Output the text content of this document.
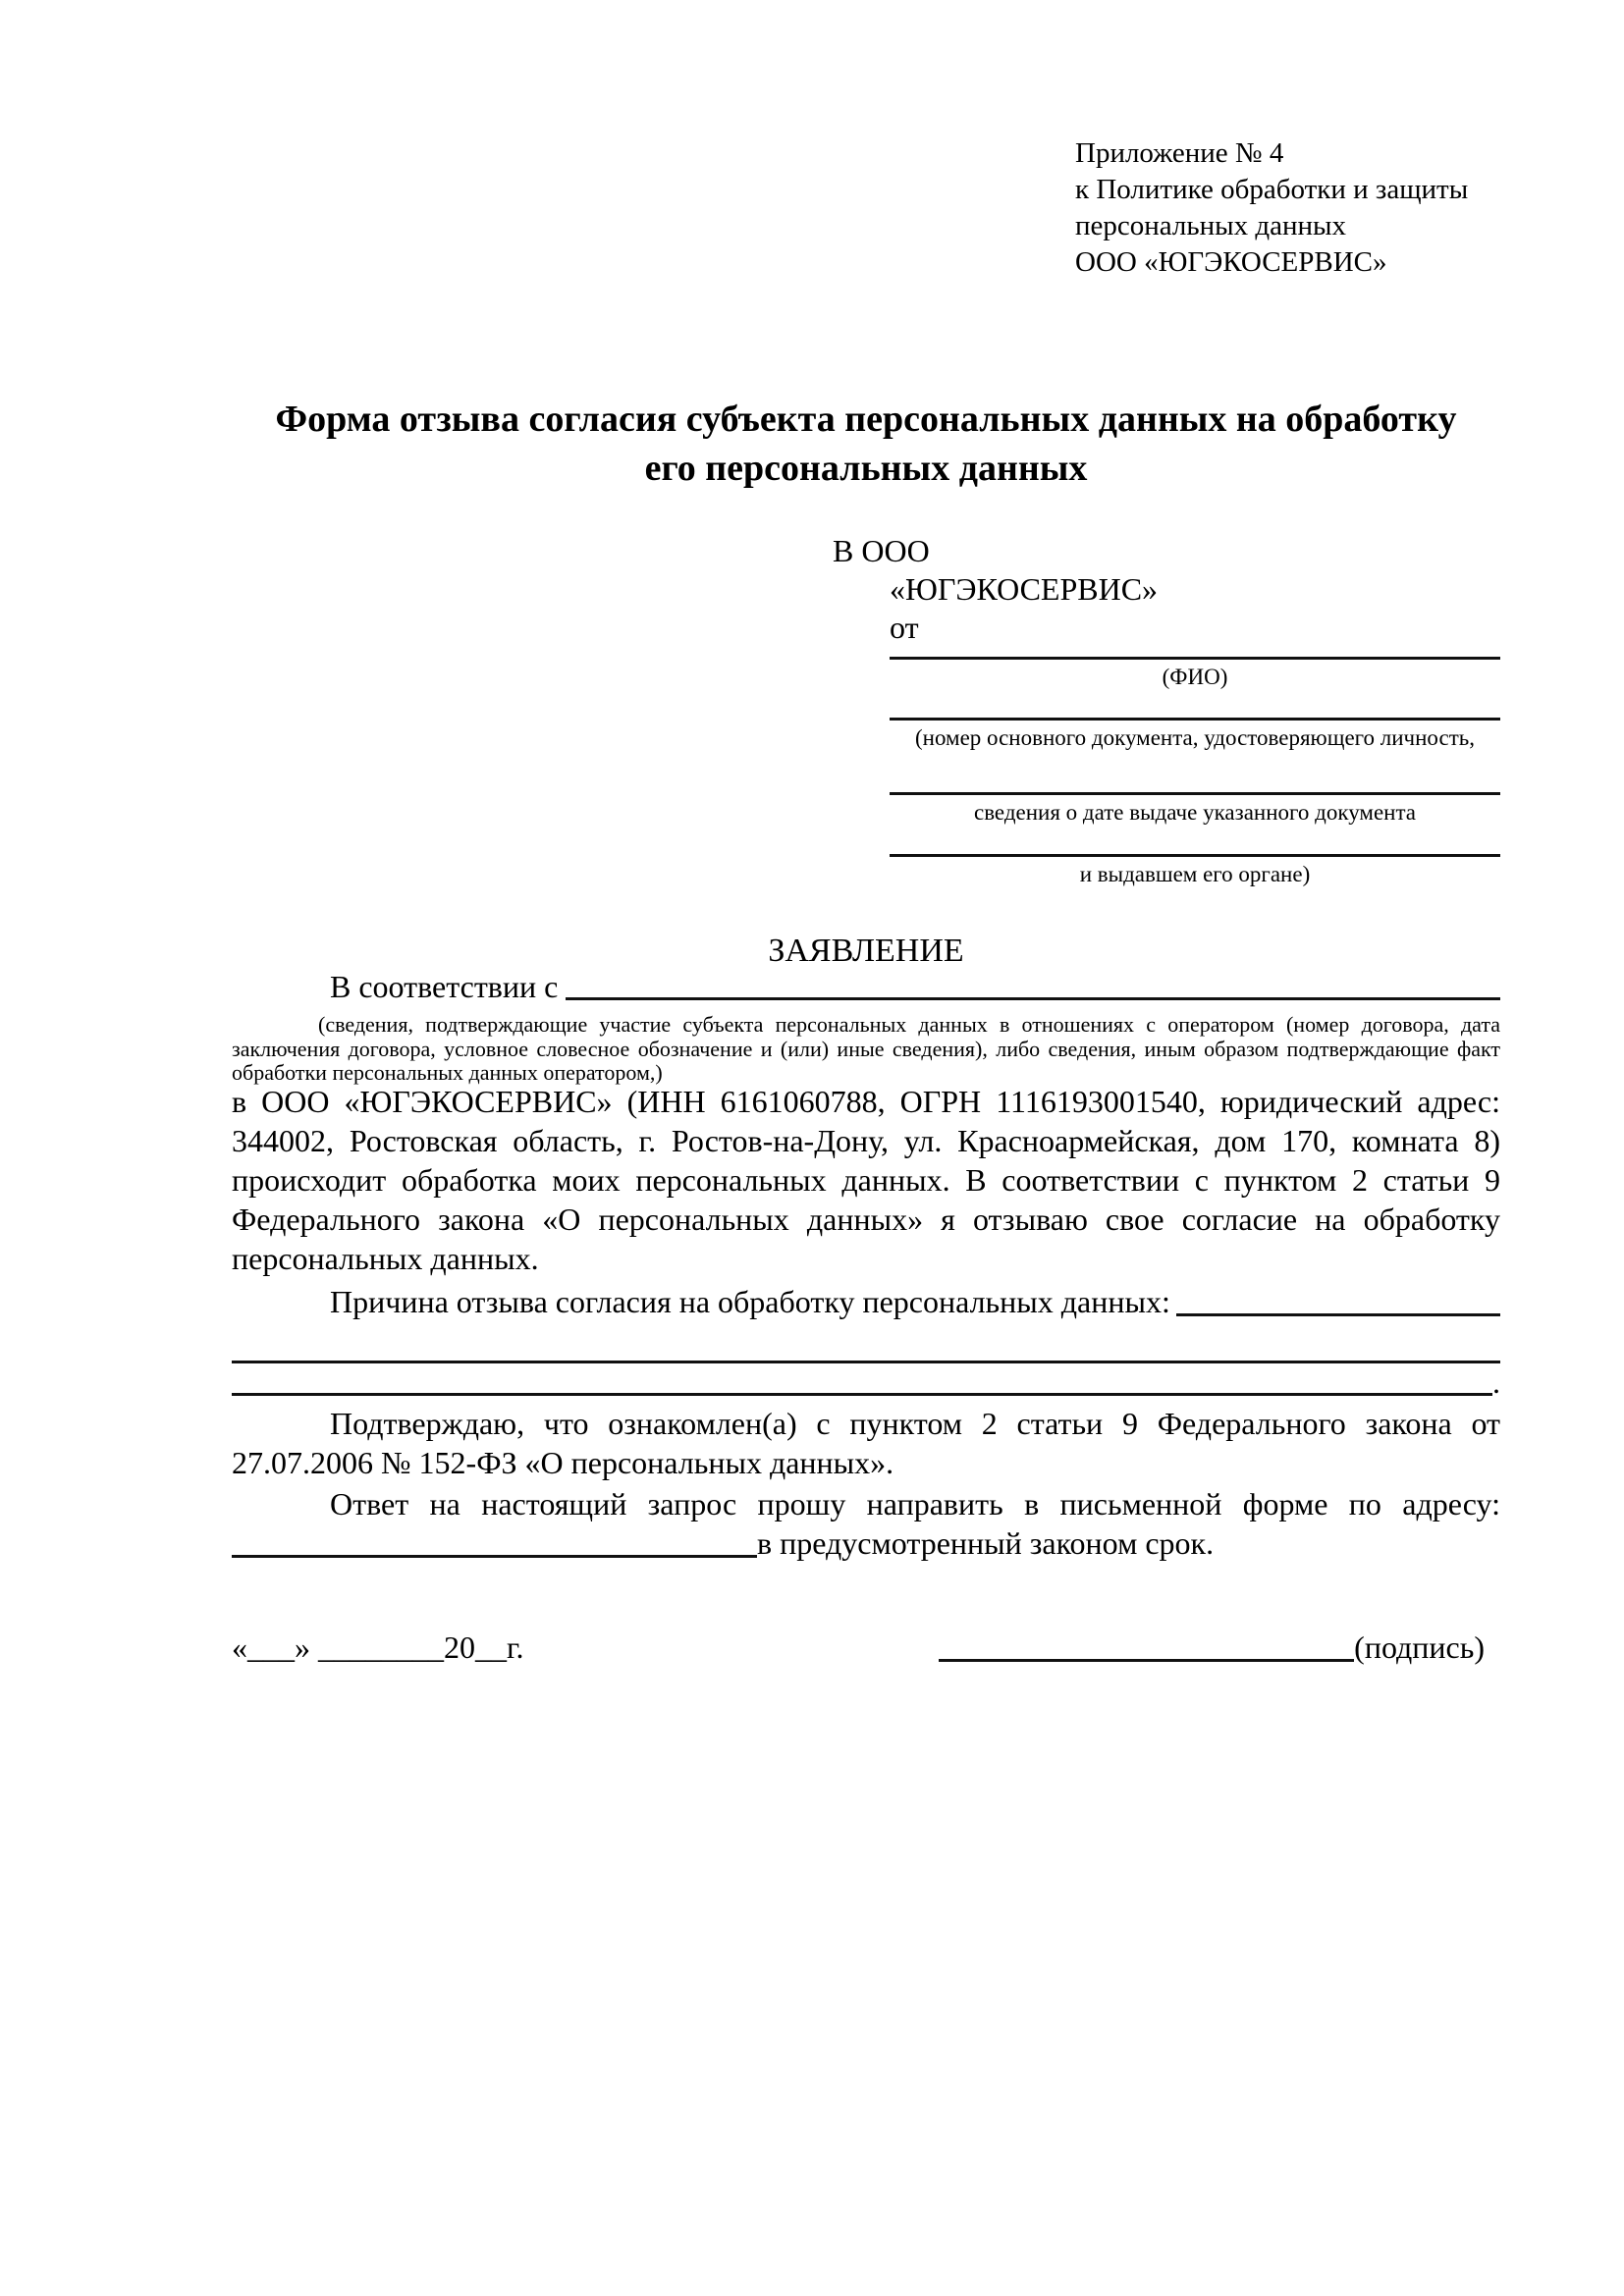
Приложение № 4
к Политике обработки и защиты
персональных данных
ООО «ЮГЭКОСЕРВИС»
Форма отзыва согласия субъекта персональных данных на обработку
его персональных данных
В ООО
«ЮГЭКОСЕРВИС»
от
(ФИО)
(номер основного документа, удостоверяющего личность,
сведения о дате выдаче указанного документа
и выдавшем его органе)
ЗАЯВЛЕНИЕ
В соответствии с
(сведения, подтверждающие участие субъекта персональных данных в отношениях с оператором (номер договора, дата заключения договора, условное словесное обозначение и (или) иные сведения), либо сведения, иным образом подтверждающие факт обработки персональных данных оператором,)
в ООО «ЮГЭКОСЕРВИС» (ИНН 6161060788, ОГРН 1116193001540, юридический адрес: 344002, Ростовская область, г. Ростов-на-Дону, ул. Красноармейская, дом 170, комната 8) происходит обработка моих персональных данных. В соответствии с пунктом 2 статьи 9 Федерального закона «О персональных данных» я отзываю свое согласие на обработку персональных данных.
Причина отзыва согласия на обработку персональных данных:
.
Подтверждаю, что ознакомлен(а) с пунктом 2 статьи 9 Федерального закона от 27.07.2006 № 152-ФЗ «О персональных данных».
Ответ на настоящий запрос прошу направить в письменной форме по адресу:
в предусмотренный законом срок.
«___» ________20__г.	(подпись)
